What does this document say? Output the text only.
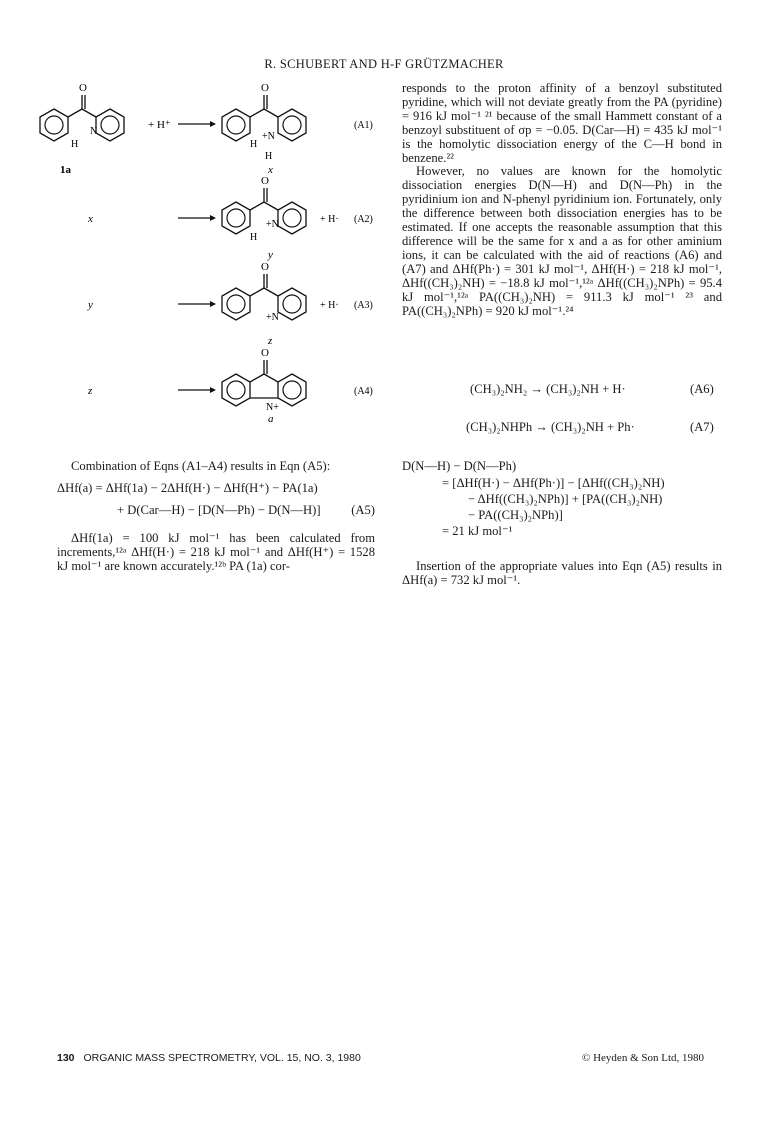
R. SCHUBERT AND H-F GRÜTZMACHER
O
N
H
+ H⁺
O
+N
H
H
(A1)
1a	x
x
O
+N
H
+ H· (A2)
y
y
O
+N
+ H· (A3)
z
z
O
N+
(A4)
a

responds to the proton affinity of a benzoyl substituted pyridine, which will not deviate greatly from the PA (pyridine) = 916 kJ mol⁻¹ ²¹ because of the small Hammett constant of a benzoyl substituent of σp = −0.05. D(Car—H) = 435 kJ mol⁻¹ is the homolytic dissociation energy of the C—H bond in benzene.²²

However, no values are known for the homolytic dissociation energies D(N—H) and D(N—Ph) in the pyridinium ion and N-phenyl pyridinium ion. Fortunately, only the difference between both dissociation energies has to be estimated. If one accepts the reasonable assumption that this difference will be the same for x and a as for other aminium ions, it can be calculated with the aid of reactions (A6) and (A7) and ΔHf(Ph·) = 301 kJ mol⁻¹, ΔHf(H·) = 218 kJ mol⁻¹, ΔHf((CH₃)₂NH) = −18.8 kJ mol⁻¹,¹²ᵃ ΔHf((CH₃)₂NPh) = 95.4 kJ mol⁻¹,¹²ᵃ PA((CH₃)₂NH) = 911.3 kJ mol⁻¹ ²³ and PA((CH₃)₂NPh) = 920 kJ mol⁻¹.²⁴

(CH₃)₂NH₂ → (CH₃)₂NH + H·	(A6)
(CH₃)₂NHPh → (CH₃)₂NH + Ph·	(A7)
D(N—H) − D(N—Ph)
= [ΔHf(H·) − ΔHf(Ph·)] − [ΔHf((CH₃)₂NH)
− ΔHf((CH₃)₂NPh)] + [PA((CH₃)₂NH)
− PA((CH₃)₂NPh)]
= 21 kJ mol⁻¹

Insertion of the appropriate values into Eqn (A5) results in ΔHf(a) = 732 kJ mol⁻¹.

Combination of Eqns (A1–A4) results in Eqn (A5):

ΔHf(a) = ΔHf(1a) − 2ΔHf(H·) − ΔHf(H⁺) − PA(1a)
+ D(Car—H) − [D(N—Ph) − D(N—H)] (A5)

ΔHf(1a) = 100 kJ mol⁻¹ has been calculated from increments,¹²ᵃ ΔHf(H·) = 218 kJ mol⁻¹ and ΔHf(H⁺) = 1528 kJ mol⁻¹ are known accurately.¹²ᵇ PA (1a) cor-

130 ORGANIC MASS SPECTROMETRY, VOL. 15, NO. 3, 1980	© Heyden & Son Ltd, 1980
